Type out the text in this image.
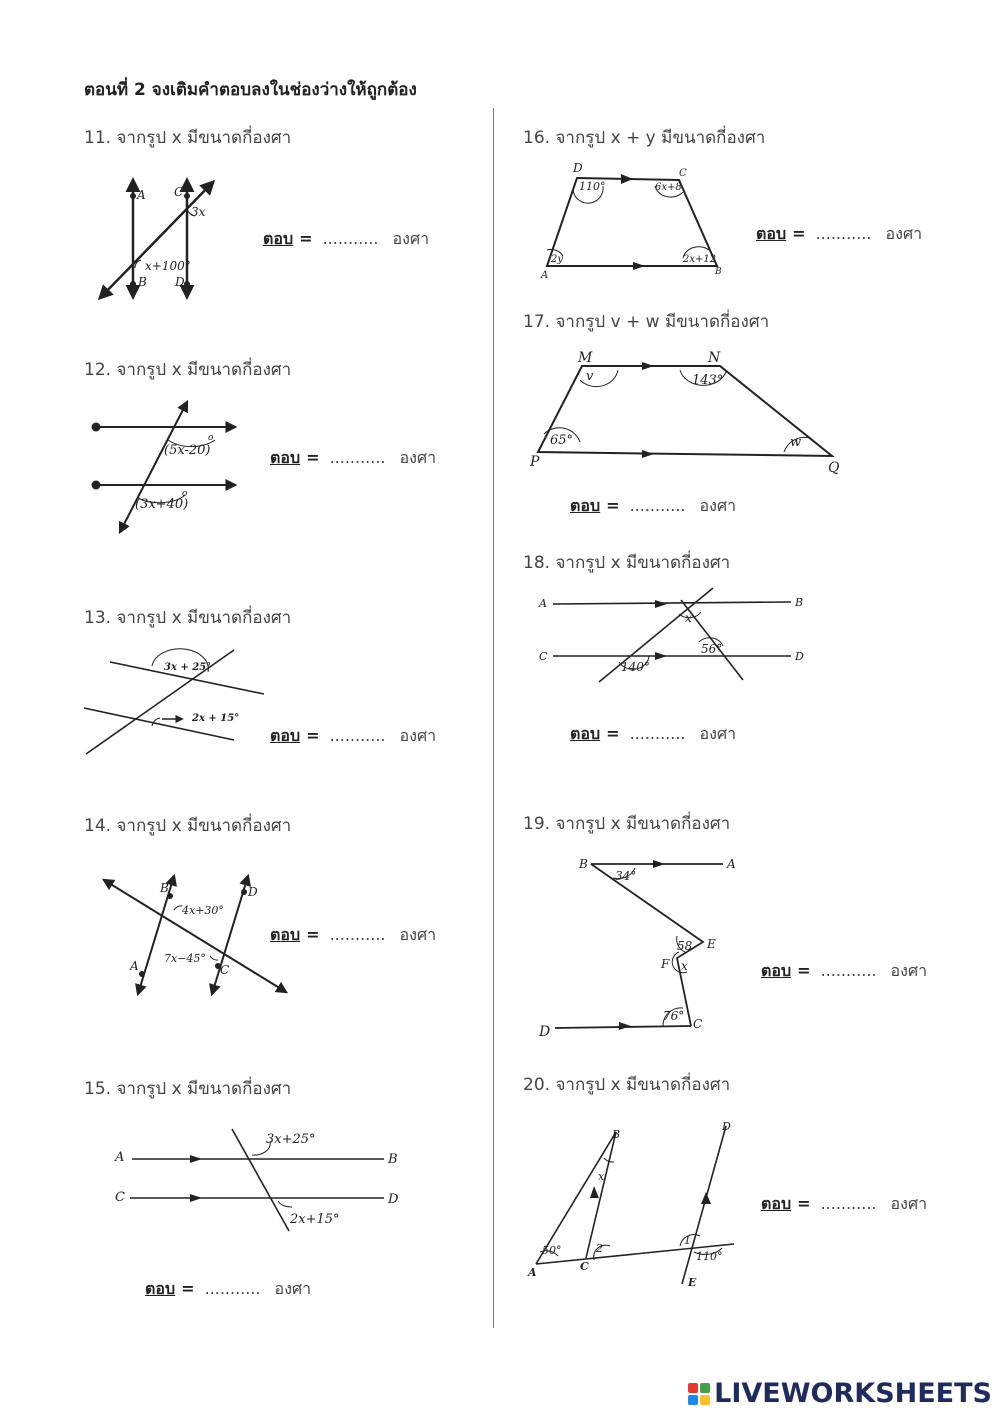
ตอนที่ 2 จงเติมคำตอบลงในช่องว่างให้ถูกต้อง
11. จากรูป x มีขนาดกี่องศา
A
B
C
D
3x
x+100°
ตอบ = ........... องศา
12. จากรูป x มีขนาดกี่องศา
(5x-20)
(3x+40)
o
o
ตอบ = ........... องศา
13. จากรูป x มีขนาดกี่องศา
3x + 25°
2x + 15°
ตอบ = ........... องศา
14. จากรูป x มีขนาดกี่องศา
B
A
D
C
4x+30°
7x−45°
ตอบ = ........... องศา
15. จากรูป x มีขนาดกี่องศา
A
C
B
D
3x+25°
2x+15°
ตอบ = ........... องศา
16. จากรูป x + y มีขนาดกี่องศา
D	C
A	B
110°	6x+8
2y	2x+12
ตอบ = ........... องศา
17. จากรูป v + w มีขนาดกี่องศา
M	N
P	Q
v	143°
65°	w
ตอบ = ........... องศา
18. จากรูป x มีขนาดกี่องศา
A
C
B
D
x
56°
140°
ตอบ = ........... องศา
19. จากรูป x มีขนาดกี่องศา
B	A
E
F
C
D
34°
58
x
76°
ตอบ = ........... องศา
20. จากรูป x มีขนาดกี่องศา
B
D
A	C
E
x
50°	2
1
110°
ตอบ = ........... องศา
LIVEWORKSHEETS
